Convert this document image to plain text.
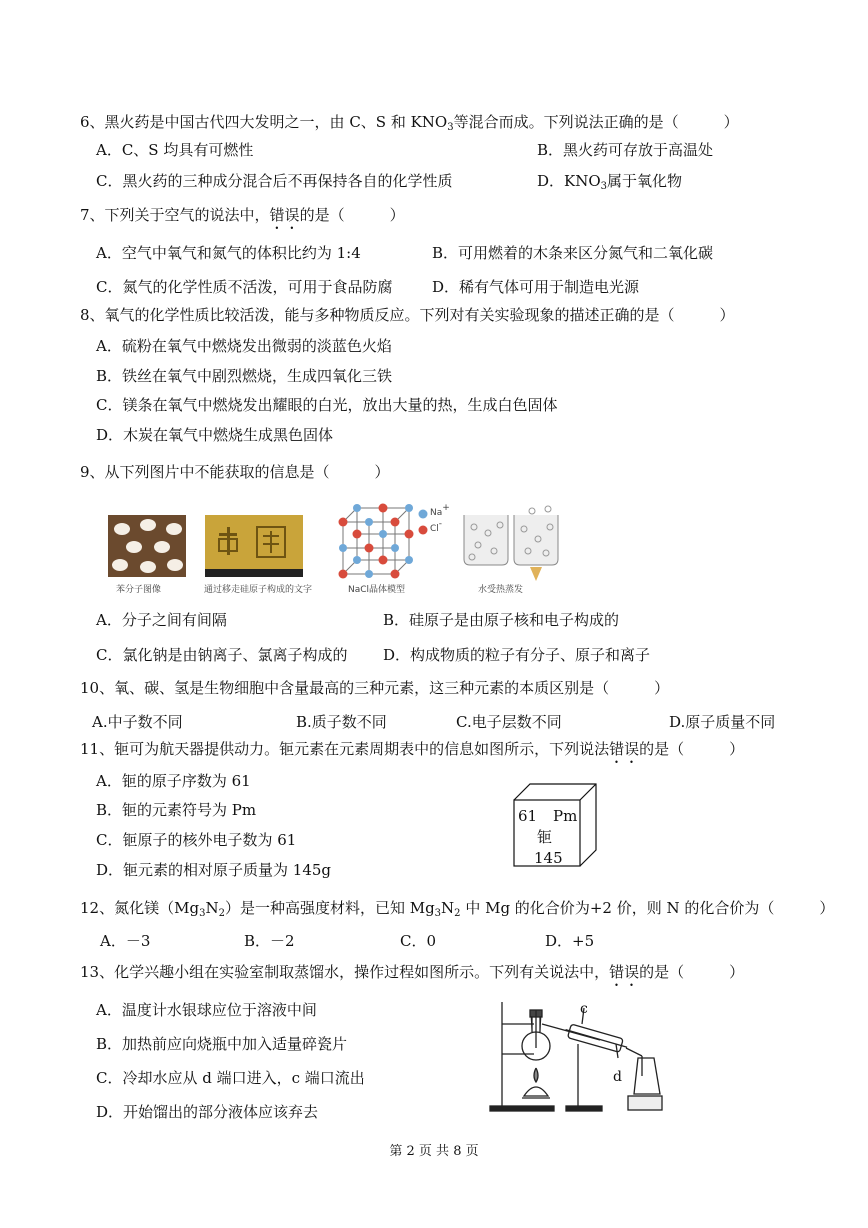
6、黑火药是中国古代四大发明之一，由 C、S 和 $KNO_3$等混合而成。下列说法正确的是（　　　）
A．C、S 均具有可燃性	B．黑火药可存放于高温处
C．黑火药的三种成分混合后不再保持各自的化学性质	D．$KNO_3$属于氧化物
7、下列关于空气的说法中，错误的是（　　　）
A．空气中氧气和氮气的体积比约为 1:4	B．可用燃着的木条来区分氮气和二氧化碳
C．氮气的化学性质不活泼，可用于食品防腐	D．稀有气体可用于制造电光源
8、氧气的化学性质比较活泼，能与多种物质反应。下列对有关实验现象的描述正确的是（　　　）
A．硫粉在氧气中燃烧发出微弱的淡蓝色火焰
B．铁丝在氧气中剧烈燃烧，生成四氧化三铁
C．镁条在氧气中燃烧发出耀眼的白光，放出大量的热，生成白色固体
D．木炭在氧气中燃烧生成黑色固体
9、从下列图片中不能获取的信息是（　　　）
苯分子图像	通过移走硅原子构成的文字
Na+
Cl-
NaCl晶体模型	水受热蒸发
A．分子之间有间隔	B．硅原子是由原子核和电子构成的
C．氯化钠是由钠离子、氯离子构成的 D．构成物质的粒子有分子、原子和离子
10、氧、碳、氢是生物细胞中含量最高的三种元素，这三种元素的本质区别是（　　　）
A.中子数不同	B.质子数不同	C.电子层数不同	D.原子质量不同
11、钷可为航天器提供动力。钷元素在元素周期表中的信息如图所示，下列说法错误的是（　　　）
A．钷的原子序数为 61
B．钷的元素符号为 Pm
C．钷原子的核外电子数为 61
D．钷元素的相对原子质量为 145g
61 Pm
钷
145
12、氮化镁$(Mg_3N_2)$是一种高强度材料，已知 $Mg_3N_2$ 中 Mg 的化合价为+2 价，则 N 的化合价为（　　　）
A．－3	B．－2	C．0	D．+5
13、化学兴趣小组在实验室制取蒸馏水，操作过程如图所示。下列有关说法中，错误的是（　　　）
A．温度计水银球应位于溶液中间
B．加热前应向烧瓶中加入适量碎瓷片
C．冷却水应从 d 端口进入，c 端口流出
D．开始馏出的部分液体应该弃去
c
d
第 2 页 共 8 页
